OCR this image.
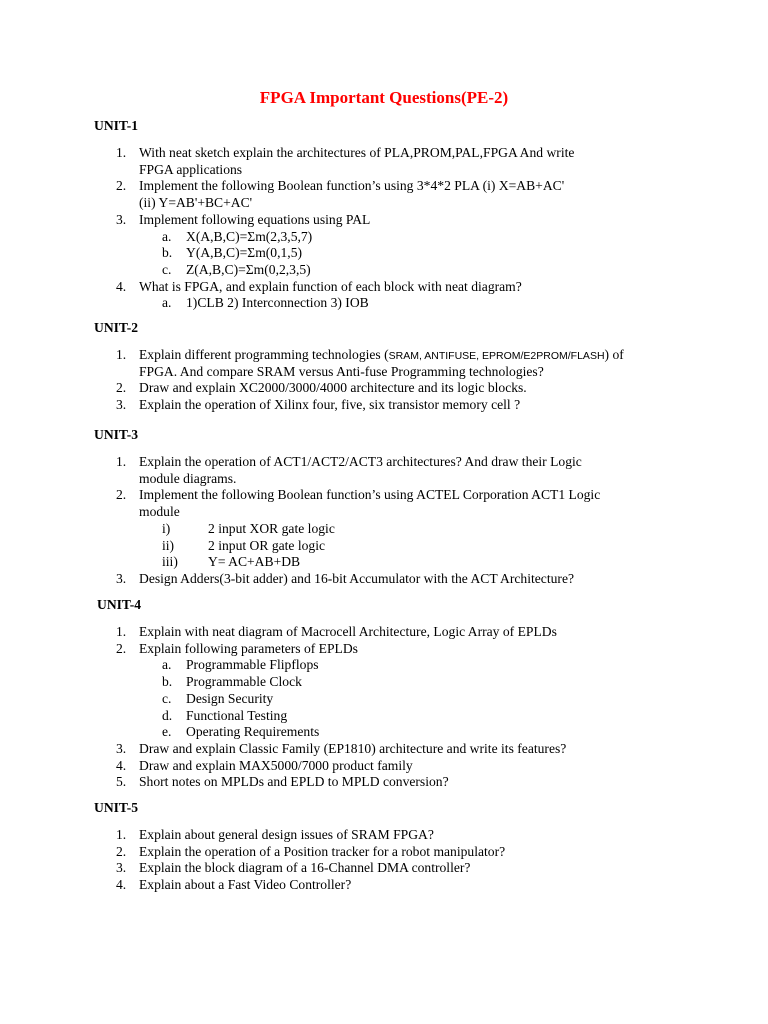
FPGA Important Questions(PE-2)
UNIT-1
1. With neat sketch explain the architectures of PLA,PROM,PAL,FPGA And write
FPGA applications
2. Implement the following Boolean function’s using 3*4*2 PLA (i) X=AB+AC'
(ii) Y=AB'+BC+AC'
3. Implement following equations using PAL
a. X(A,B,C)=Σm(2,3,5,7)
b. Y(A,B,C)=Σm(0,1,5)
c. Z(A,B,C)=Σm(0,2,3,5)
4. What is FPGA, and explain function of each block with neat diagram?
a. 1)CLB 2) Interconnection 3) IOB
UNIT-2
1. Explain different programming technologies (SRAM, ANTIFUSE, EPROM/E2PROM/FLASH) of
FPGA. And compare SRAM versus Anti-fuse Programming technologies?
2. Draw and explain XC2000/3000/4000 architecture and its logic blocks.
3. Explain the operation of Xilinx four, five, six transistor memory cell ?
UNIT-3
1. Explain the operation of ACT1/ACT2/ACT3 architectures? And draw their Logic
module diagrams.
2. Implement the following Boolean function’s using ACTEL Corporation ACT1 Logic
module
i)	2 input XOR gate logic
ii) 2 input OR gate logic
iii) Y= AC+AB+DB
3. Design Adders(3-bit adder) and 16-bit Accumulator with the ACT Architecture?
UNIT-4
1. Explain with neat diagram of Macrocell Architecture, Logic Array of EPLDs
2. Explain following parameters of EPLDs
a. Programmable Flipflops
b. Programmable Clock
c. Design Security
d. Functional Testing
e. Operating Requirements
3. Draw and explain Classic Family (EP1810) architecture and write its features?
4. Draw and explain MAX5000/7000 product family
5. Short notes on MPLDs and EPLD to MPLD conversion?
UNIT-5
1. Explain about general design issues of SRAM FPGA?
2. Explain the operation of a Position tracker for a robot manipulator?
3. Explain the block diagram of a 16-Channel DMA controller?
4. Explain about a Fast Video Controller?
